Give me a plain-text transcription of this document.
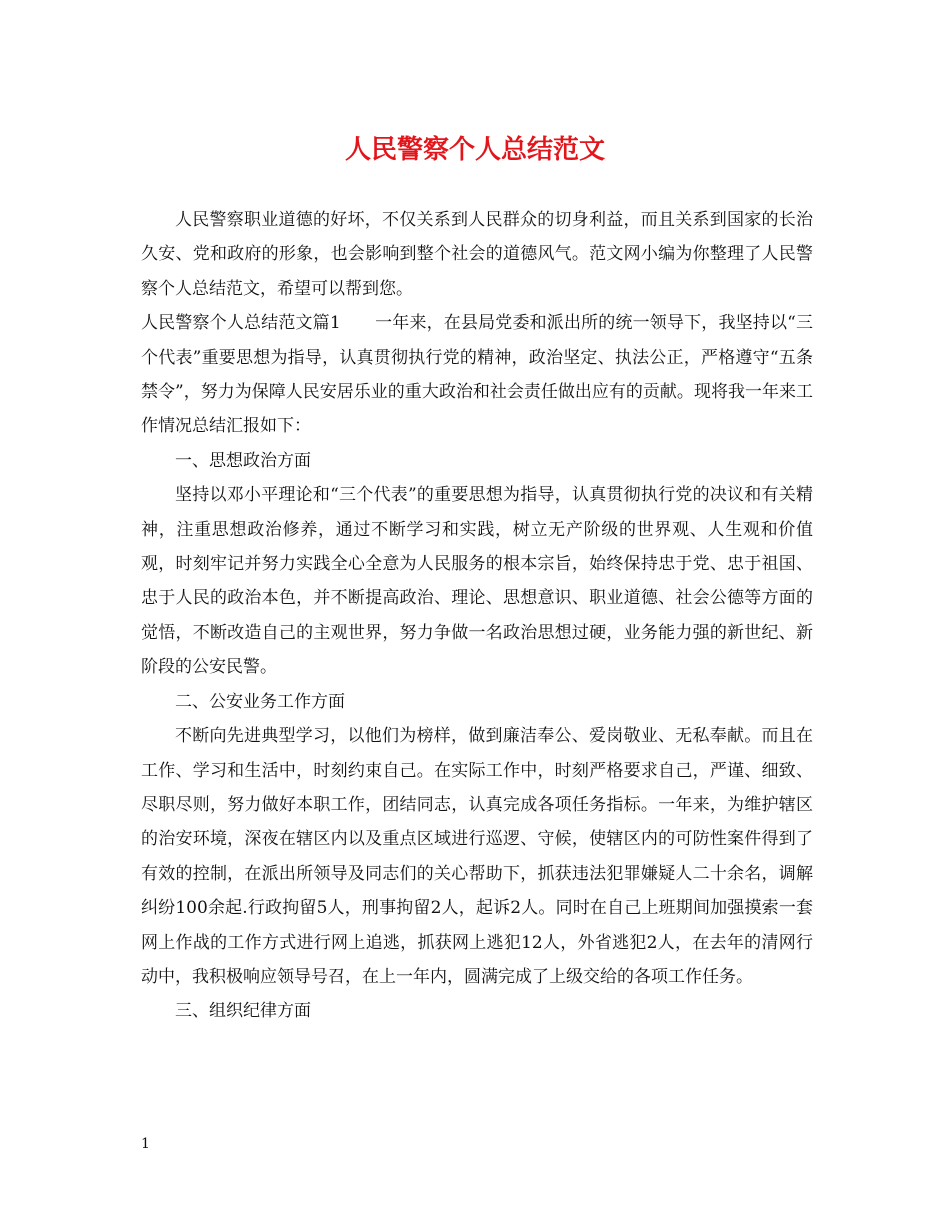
人民警察个人总结范文

人民警察职业道德的好坏，不仅关系到人民群众的切身利益，而且关系到国家的长治久安、党和政府的形象，也会影响到整个社会的道德风气。范文网小编为你整理了人民警察个人总结范文，希望可以帮到您。

人民警察个人总结范文篇1　　一年来，在县局党委和派出所的统一领导下，我坚持以“三个代表”重要思想为指导，认真贯彻执行党的精神，政治坚定、执法公正，严格遵守“五条禁令”，努力为保障人民安居乐业的重大政治和社会责任做出应有的贡献。现将我一年来工作情况总结汇报如下：

一、思想政治方面

坚持以邓小平理论和“三个代表”的重要思想为指导，认真贯彻执行党的决议和有关精神，注重思想政治修养，通过不断学习和实践，树立无产阶级的世界观、人生观和价值观，时刻牢记并努力实践全心全意为人民服务的根本宗旨，始终保持忠于党、忠于祖国、忠于人民的政治本色，并不断提高政治、理论、思想意识、职业道德、社会公德等方面的觉悟，不断改造自己的主观世界，努力争做一名政治思想过硬，业务能力强的新世纪、新阶段的公安民警。

二、公安业务工作方面

不断向先进典型学习，以他们为榜样，做到廉洁奉公、爱岗敬业、无私奉献。而且在工作、学习和生活中，时刻约束自己。在实际工作中，时刻严格要求自己，严谨、细致、尽职尽则，努力做好本职工作，团结同志，认真完成各项任务指标。一年来，为维护辖区的治安环境，深夜在辖区内以及重点区域进行巡逻、守候，使辖区内的可防性案件得到了有效的控制，在派出所领导及同志们的关心帮助下，抓获违法犯罪嫌疑人二十余名，调解纠纷100余起.行政拘留5人，刑事拘留2人，起诉2人。同时在自己上班期间加强摸索一套网上作战的工作方式进行网上追逃，抓获网上逃犯12人，外省逃犯2人，在去年的清网行动中，我积极响应领导号召，在上一年内，圆满完成了上级交给的各项工作任务。

三、组织纪律方面

1
